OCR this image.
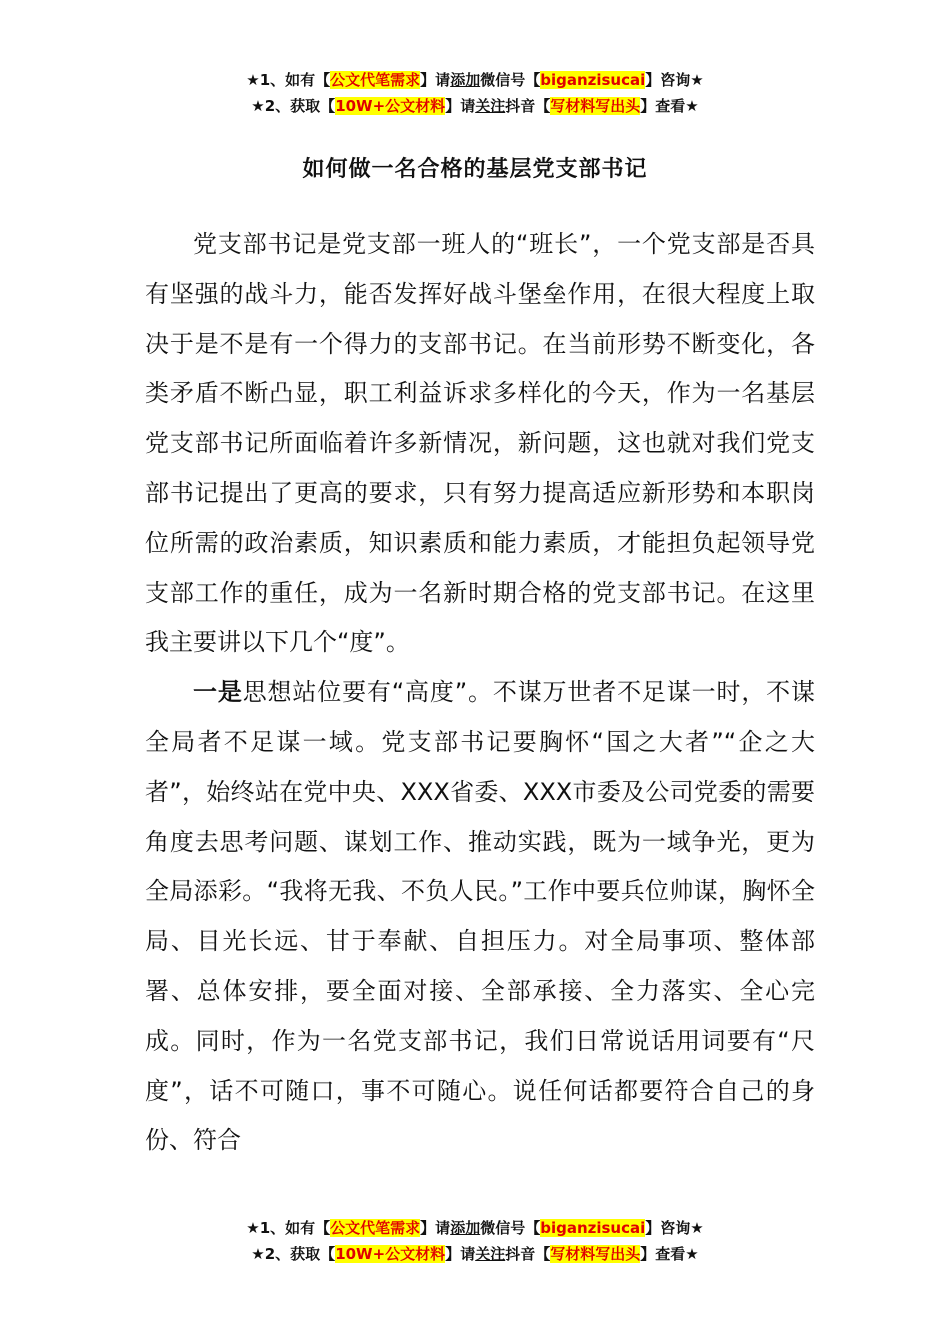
★1、如有【公文代笔需求】请添加微信号【biganzisucai】咨询★
★2、获取【10W+公文材料】请关注抖音【写材料写出头】查看★
如何做一名合格的基层党支部书记

党支部书记是党支部一班人的“班长”，一个党支部是否具有坚强的战斗力，能否发挥好战斗堡垒作用，在很大程度上取决于是不是有一个得力的支部书记。在当前形势不断变化，各类矛盾不断凸显，职工利益诉求多样化的今天，作为一名基层党支部书记所面临着许多新情况，新问题，这也就对我们党支部书记提出了更高的要求，只有努力提高适应新形势和本职岗位所需的政治素质，知识素质和能力素质，才能担负起领导党支部工作的重任，成为一名新时期合格的党支部书记。在这里我主要讲以下几个“度”。

一是思想站位要有“高度”。不谋万世者不足谋一时，不谋全局者不足谋一域。党支部书记要胸怀“国之大者”“企之大者”，始终站在党中央、XXX省委、XXX市委及公司党委的需要角度去思考问题、谋划工作、推动实践，既为一域争光，更为全局添彩。“我将无我、不负人民。”工作中要兵位帅谋，胸怀全局、目光长远、甘于奉献、自担压力。对全局事项、整体部署、总体安排，要全面对接、全部承接、全力落实、全心完成。同时，作为一名党支部书记，我们日常说话用词要有“尺度”，话不可随口，事不可随心。说任何话都要符合自己的身份、符合

★1、如有【公文代笔需求】请添加微信号【biganzisucai】咨询★
★2、获取【10W+公文材料】请关注抖音【写材料写出头】查看★
